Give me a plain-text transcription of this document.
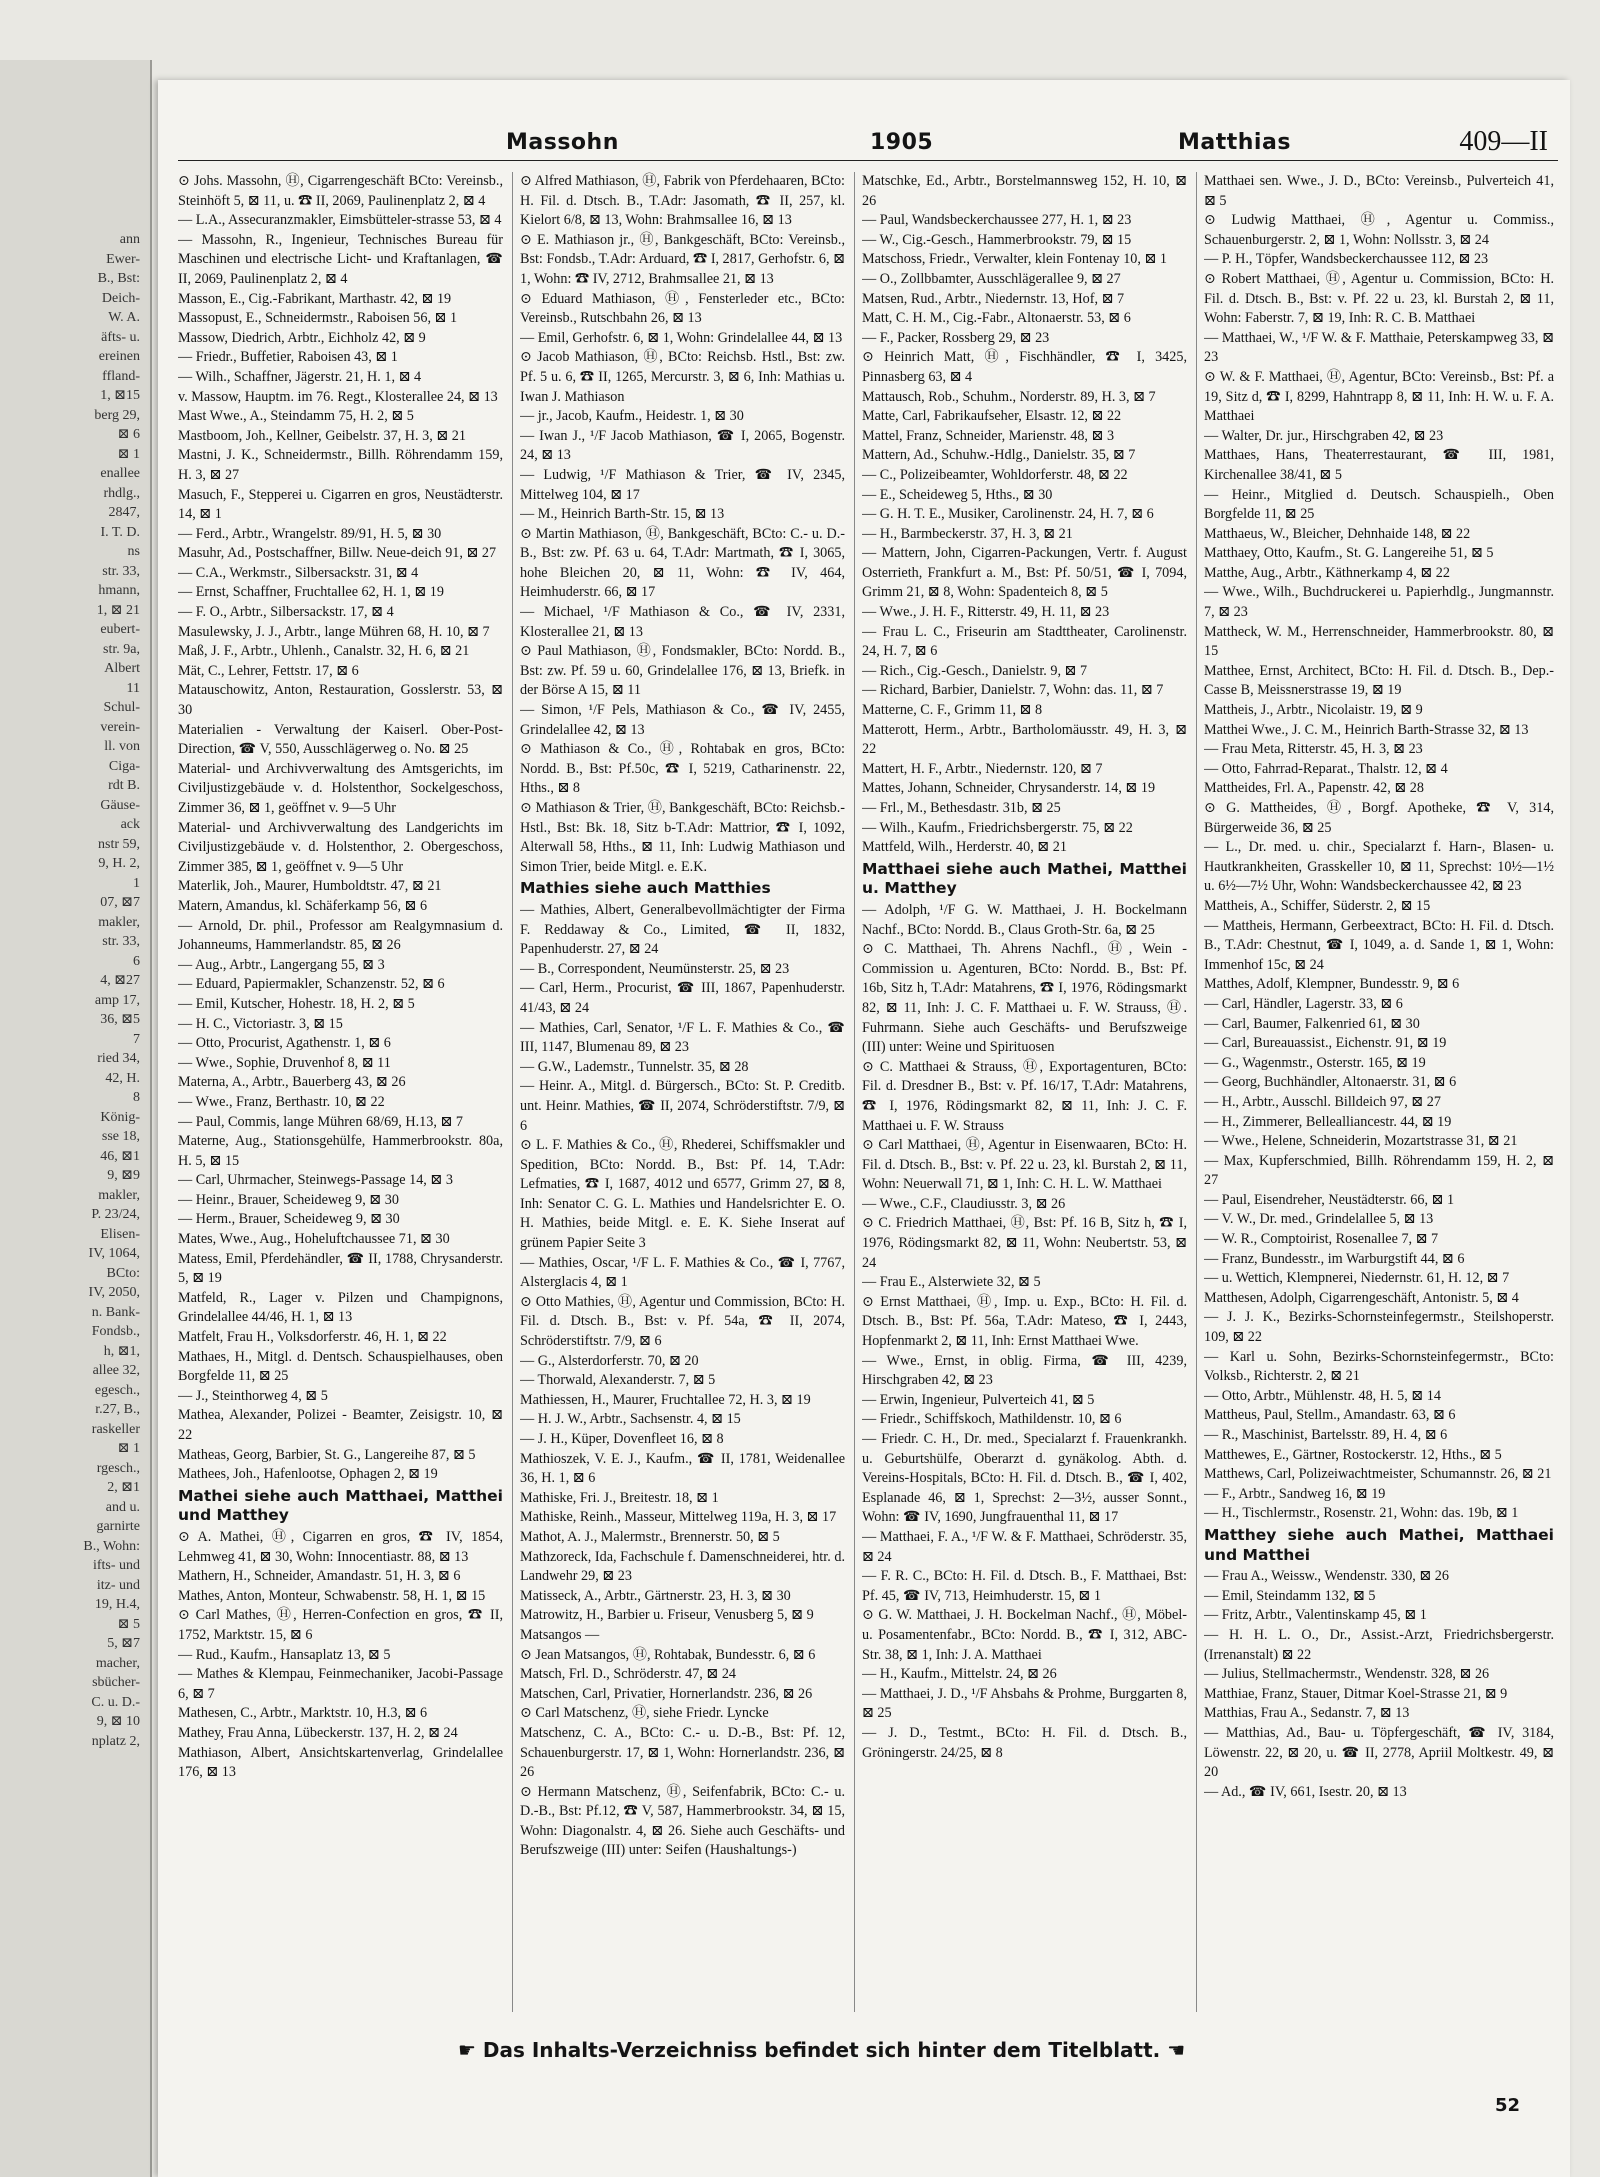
ann
Ewer-
B., Bst:
Deich-
W. A.
äfts- u.
ereinen
ffland-
1, ⊠15
berg 29,
⊠ 6
⊠ 1
enallee
rhdlg.,
2847,
I. T. D.
ns
str. 33,
hmann,
1, ⊠ 21
eubert-
str. 9a,
Albert
11
Schul-
verein-
ll. von
Ciga-
rdt B.
Gäuse-
ack
nstr 59,
9, H. 2,
1
07, ⊠7
makler,
str. 33,
6
4, ⊠27
amp 17,
36, ⊠5
7
ried 34,
42, H.
8
König-
sse 18,
46, ⊠1
9, ⊠9
makler,
P. 23/24,
Elisen-
IV, 1064,
BCto:
IV, 2050,
n. Bank-
Fondsb.,
h, ⊠1,
allee 32,
egesch.,
r.27, B.,
raskeller
⊠ 1
rgesch.,
2, ⊠1
and u.
garnirte
B., Wohn:
ifts- und
itz- und
19, H.4,
⊠ 5
5, ⊠7
macher,
sbücher-
C. u. D.-
9, ⊠ 10
nplatz 2,
Massohn	1905	Matthias	409—II

⊙ Johs. Massohn, Ⓗ, Cigarrengeschäft BCto: Vereinsb., Steinhöft 5, ⊠ 11, u. ☎ II, 2069, Paulinenplatz 2, ⊠ 4

— L.A., Assecuranzmakler, Eimsbütteler-strasse 53, ⊠ 4

— Massohn, R., Ingenieur, Technisches Bureau für Maschinen und electrische Licht- und Kraftanlagen, ☎ II, 2069, Paulinenplatz 2, ⊠ 4

Masson, E., Cig.-Fabrikant, Marthastr. 42, ⊠ 19

Massopust, E., Schneidermstr., Raboisen 56, ⊠ 1

Massow, Diedrich, Arbtr., Eichholz 42, ⊠ 9

— Friedr., Buffetier, Raboisen 43, ⊠ 1

— Wilh., Schaffner, Jägerstr. 21, H. 1, ⊠ 4

v. Massow, Hauptm. im 76. Regt., Klosterallee 24, ⊠ 13

Mast Wwe., A., Steindamm 75, H. 2, ⊠ 5

Mastboom, Joh., Kellner, Geibelstr. 37, H. 3, ⊠ 21

Mastni, J. K., Schneidermstr., Billh. Röhrendamm 159, H. 3, ⊠ 27

Masuch, F., Stepperei u. Cigarren en gros, Neustädterstr. 14, ⊠ 1

— Ferd., Arbtr., Wrangelstr. 89/91, H. 5, ⊠ 30

Masuhr, Ad., Postschaffner, Billw. Neue-deich 91, ⊠ 27

— C.A., Werkmstr., Silbersackstr. 31, ⊠ 4

— Ernst, Schaffner, Fruchtallee 62, H. 1, ⊠ 19

— F. O., Arbtr., Silbersackstr. 17, ⊠ 4

Masulewsky, J. J., Arbtr., lange Mühren 68, H. 10, ⊠ 7

Maß, J. F., Arbtr., Uhlenh., Canalstr. 32, H. 6, ⊠ 21

Mät, C., Lehrer, Fettstr. 17, ⊠ 6

Matauschowitz, Anton, Restauration, Gosslerstr. 53, ⊠ 30

Materialien - Verwaltung der Kaiserl. Ober-Post-Direction, ☎ V, 550, Ausschlägerweg o. No. ⊠ 25

Material- und Archivverwaltung des Amtsgerichts, im Civiljustizgebäude v. d. Holstenthor, Sockelgeschoss, Zimmer 36, ⊠ 1, geöffnet v. 9—5 Uhr

Material- und Archivverwaltung des Landgerichts im Civiljustizgebäude v. d. Holstenthor, 2. Obergeschoss, Zimmer 385, ⊠ 1, geöffnet v. 9—5 Uhr

Materlik, Joh., Maurer, Humboldtstr. 47, ⊠ 21

Matern, Amandus, kl. Schäferkamp 56, ⊠ 6

— Arnold, Dr. phil., Professor am Realgymnasium d. Johanneums, Hammerlandstr. 85, ⊠ 26

— Aug., Arbtr., Langergang 55, ⊠ 3

— Eduard, Papiermakler, Schanzenstr. 52, ⊠ 6

— Emil, Kutscher, Hohestr. 18, H. 2, ⊠ 5

— H. C., Victoriastr. 3, ⊠ 15

— Otto, Procurist, Agathenstr. 1, ⊠ 6

— Wwe., Sophie, Druvenhof 8, ⊠ 11

Materna, A., Arbtr., Bauerberg 43, ⊠ 26

— Wwe., Franz, Berthastr. 10, ⊠ 22

— Paul, Commis, lange Mühren 68/69, H.13, ⊠ 7

Materne, Aug., Stationsgehülfe, Hammerbrookstr. 80a, H. 5, ⊠ 15

— Carl, Uhrmacher, Steinwegs-Passage 14, ⊠ 3

— Heinr., Brauer, Scheideweg 9, ⊠ 30

— Herm., Brauer, Scheideweg 9, ⊠ 30

Mates, Wwe., Aug., Hoheluftchaussee 71, ⊠ 30

Matess, Emil, Pferdehändler, ☎ II, 1788, Chrysanderstr. 5, ⊠ 19

Matfeld, R., Lager v. Pilzen und Champignons, Grindelallee 44/46, H. 1, ⊠ 13

Matfelt, Frau H., Volksdorferstr. 46, H. 1, ⊠ 22

Mathaes, H., Mitgl. d. Dentsch. Schauspielhauses, oben Borgfelde 11, ⊠ 25

— J., Steinthorweg 4, ⊠ 5

Mathea, Alexander, Polizei - Beamter, Zeisigstr. 10, ⊠ 22

Matheas, Georg, Barbier, St. G., Langereihe 87, ⊠ 5

Mathees, Joh., Hafenlootse, Ophagen 2, ⊠ 19

Mathei siehe auch Matthaei, Matthei und Matthey

⊙ A. Mathei, Ⓗ, Cigarren en gros, ☎ IV, 1854, Lehmweg 41, ⊠ 30, Wohn: Innocentiastr. 88, ⊠ 13

Mathern, H., Schneider, Amandastr. 51, H. 3, ⊠ 6

Mathes, Anton, Monteur, Schwabenstr. 58, H. 1, ⊠ 15

⊙ Carl Mathes, Ⓗ, Herren-Confection en gros, ☎ II, 1752, Marktstr. 15, ⊠ 6

— Rud., Kaufm., Hansaplatz 13, ⊠ 5

— Mathes & Klempau, Feinmechaniker, Jacobi-Passage 6, ⊠ 7

Mathesen, C., Arbtr., Marktstr. 10, H.3, ⊠ 6

Mathey, Frau Anna, Lübeckerstr. 137, H. 2, ⊠ 24

Mathiason, Albert, Ansichtskartenverlag, Grindelallee 176, ⊠ 13

⊙ Alfred Mathiason, Ⓗ, Fabrik von Pferdehaaren, BCto: H. Fil. d. Dtsch. B., T.Adr: Jasomath, ☎ II, 257, kl. Kielort 6/8, ⊠ 13, Wohn: Brahmsallee 16, ⊠ 13

⊙ E. Mathiason jr., Ⓗ, Bankgeschäft, BCto: Vereinsb., Bst: Fondsb., T.Adr: Arduard, ☎ I, 2817, Gerhofstr. 6, ⊠ 1, Wohn: ☎ IV, 2712, Brahmsallee 21, ⊠ 13

⊙ Eduard Mathiason, Ⓗ, Fensterleder etc., BCto: Vereinsb., Rutschbahn 26, ⊠ 13

— Emil, Gerhofstr. 6, ⊠ 1, Wohn: Grindelallee 44, ⊠ 13

⊙ Jacob Mathiason, Ⓗ, BCto: Reichsb. Hstl., Bst: zw. Pf. 5 u. 6, ☎ II, 1265, Mercurstr. 3, ⊠ 6, Inh: Mathias u. Iwan J. Mathiason

— jr., Jacob, Kaufm., Heidestr. 1, ⊠ 30

— Iwan J., ¹/F Jacob Mathiason, ☎ I, 2065, Bogenstr. 24, ⊠ 13

— Ludwig, ¹/F Mathiason & Trier, ☎ IV, 2345, Mittelweg 104, ⊠ 17

— M., Heinrich Barth-Str. 15, ⊠ 13

⊙ Martin Mathiason, Ⓗ, Bankgeschäft, BCto: C.- u. D.-B., Bst: zw. Pf. 63 u. 64, T.Adr: Martmath, ☎ I, 3065, hohe Bleichen 20, ⊠ 11, Wohn: ☎ IV, 464, Heimhuderstr. 66, ⊠ 17

— Michael, ¹/F Mathiason & Co., ☎ IV, 2331, Klosterallee 21, ⊠ 13

⊙ Paul Mathiason, Ⓗ, Fondsmakler, BCto: Nordd. B., Bst: zw. Pf. 59 u. 60, Grindelallee 176, ⊠ 13, Briefk. in der Börse A 15, ⊠ 11

— Simon, ¹/F Pels, Mathiason & Co., ☎ IV, 2455, Grindelallee 42, ⊠ 13

⊙ Mathiason & Co., Ⓗ, Rohtabak en gros, BCto: Nordd. B., Bst: Pf.50c, ☎ I, 5219, Catharinenstr. 22, Hths., ⊠ 8

⊙ Mathiason & Trier, Ⓗ, Bankgeschäft, BCto: Reichsb.-Hstl., Bst: Bk. 18, Sitz b-T.Adr: Mattrior, ☎ I, 1092, Alterwall 58, Hths., ⊠ 11, Inh: Ludwig Mathiason und Simon Trier, beide Mitgl. e. E.K.

Mathies siehe auch Matthies

— Mathies, Albert, Generalbevollmächtigter der Firma F. Reddaway & Co., Limited, ☎ II, 1832, Papenhuderstr. 27, ⊠ 24

— B., Correspondent, Neumünsterstr. 25, ⊠ 23

— Carl, Herm., Procurist, ☎ III, 1867, Papenhuderstr. 41/43, ⊠ 24

— Mathies, Carl, Senator, ¹/F L. F. Mathies & Co., ☎ III, 1147, Blumenau 89, ⊠ 23

— G.W., Lademstr., Tunnelstr. 35, ⊠ 28

— Heinr. A., Mitgl. d. Bürgersch., BCto: St. P. Creditb. unt. Heinr. Mathies, ☎ II, 2074, Schröderstiftstr. 7/9, ⊠ 6

⊙ L. F. Mathies & Co., Ⓗ, Rhederei, Schiffsmakler und Spedition, BCto: Nordd. B., Bst: Pf. 14, T.Adr: Lefmaties, ☎ I, 1687, 4012 und 6577, Grimm 27, ⊠ 8, Inh: Senator C. G. L. Mathies und Handelsrichter E. O. H. Mathies, beide Mitgl. e. E. K. Siehe Inserat auf grünem Papier Seite 3

— Mathies, Oscar, ¹/F L. F. Mathies & Co., ☎ I, 7767, Alsterglacis 4, ⊠ 1

⊙ Otto Mathies, Ⓗ, Agentur und Commission, BCto: H. Fil. d. Dtsch. B., Bst: v. Pf. 54a, ☎ II, 2074, Schröderstiftstr. 7/9, ⊠ 6

— G., Alsterdorferstr. 70, ⊠ 20

— Thorwald, Alexanderstr. 7, ⊠ 5

Mathiessen, H., Maurer, Fruchtallee 72, H. 3, ⊠ 19

— H. J. W., Arbtr., Sachsenstr. 4, ⊠ 15

— J. H., Küper, Dovenfleet 16, ⊠ 8

Mathioszek, V. E. J., Kaufm., ☎ II, 1781, Weidenallee 36, H. 1, ⊠ 6

Mathiske, Fri. J., Breitestr. 18, ⊠ 1

Mathiske, Reinh., Masseur, Mittelweg 119a, H. 3, ⊠ 17

Mathot, A. J., Malermstr., Brennerstr. 50, ⊠ 5

Mathzoreck, Ida, Fachschule f. Damenschneiderei, htr. d. Landwehr 29, ⊠ 23

Matisseck, A., Arbtr., Gärtnerstr. 23, H. 3, ⊠ 30

Matrowitz, H., Barbier u. Friseur, Venusberg 5, ⊠ 9

Matsangos —

⊙ Jean Matsangos, Ⓗ, Rohtabak, Bundesstr. 6, ⊠ 6

Matsch, Frl. D., Schröderstr. 47, ⊠ 24

Matschen, Carl, Privatier, Hornerlandstr. 236, ⊠ 26

⊙ Carl Matschenz, Ⓗ, siehe Friedr. Lyncke

Matschenz, C. A., BCto: C.- u. D.-B., Bst: Pf. 12, Schauenburgerstr. 17, ⊠ 1, Wohn: Hornerlandstr. 236, ⊠ 26

⊙ Hermann Matschenz, Ⓗ, Seifenfabrik, BCto: C.- u. D.-B., Bst: Pf.12, ☎ V, 587, Hammerbrookstr. 34, ⊠ 15, Wohn: Diagonalstr. 4, ⊠ 26. Siehe auch Geschäfts- und Berufszweige (III) unter: Seifen (Haushaltungs-)

Matschke, Ed., Arbtr., Borstelmannsweg 152, H. 10, ⊠ 26

— Paul, Wandsbeckerchaussee 277, H. 1, ⊠ 23

— W., Cig.-Gesch., Hammerbrookstr. 79, ⊠ 15

Matschoss, Friedr., Verwalter, klein Fontenay 10, ⊠ 1

— O., Zollbbamter, Ausschlägerallee 9, ⊠ 27

Matsen, Rud., Arbtr., Niedernstr. 13, Hof, ⊠ 7

Matt, C. H. M., Cig.-Fabr., Altonaerstr. 53, ⊠ 6

— F., Packer, Rossberg 29, ⊠ 23

⊙ Heinrich Matt, Ⓗ, Fischhändler, ☎ I, 3425, Pinnasberg 63, ⊠ 4

Mattausch, Rob., Schuhm., Norderstr. 89, H. 3, ⊠ 7

Matte, Carl, Fabrikaufseher, Elsastr. 12, ⊠ 22

Mattel, Franz, Schneider, Marienstr. 48, ⊠ 3

Mattern, Ad., Schuhw.-Hdlg., Danielstr. 35, ⊠ 7

— C., Polizeibeamter, Wohldorferstr. 48, ⊠ 22

— E., Scheideweg 5, Hths., ⊠ 30

— G. H. T. E., Musiker, Carolinenstr. 24, H. 7, ⊠ 6

— H., Barmbeckerstr. 37, H. 3, ⊠ 21

— Mattern, John, Cigarren-Packungen, Vertr. f. August Osterrieth, Frankfurt a. M., Bst: Pf. 50/51, ☎ I, 7094, Grimm 21, ⊠ 8, Wohn: Spadenteich 8, ⊠ 5

— Wwe., J. H. F., Ritterstr. 49, H. 11, ⊠ 23

— Frau L. C., Friseurin am Stadttheater, Carolinenstr. 24, H. 7, ⊠ 6

— Rich., Cig.-Gesch., Danielstr. 9, ⊠ 7

— Richard, Barbier, Danielstr. 7, Wohn: das. 11, ⊠ 7

Matterne, C. F., Grimm 11, ⊠ 8

Matterott, Herm., Arbtr., Bartholomäusstr. 49, H. 3, ⊠ 22

Mattert, H. F., Arbtr., Niedernstr. 120, ⊠ 7

Mattes, Johann, Schneider, Chrysanderstr. 14, ⊠ 19

— Frl., M., Bethesdastr. 31b, ⊠ 25

— Wilh., Kaufm., Friedrichsbergerstr. 75, ⊠ 22

Mattfeld, Wilh., Herderstr. 40, ⊠ 21

Matthaei siehe auch Mathei, Matthei u. Matthey

— Adolph, ¹/F G. W. Matthaei, J. H. Bockelmann Nachf., BCto: Nordd. B., Claus Groth-Str. 6a, ⊠ 25

⊙ C. Matthaei, Th. Ahrens Nachfl., Ⓗ, Wein - Commission u. Agenturen, BCto: Nordd. B., Bst: Pf. 16b, Sitz h, T.Adr: Matahrens, ☎ I, 1976, Rödingsmarkt 82, ⊠ 11, Inh: J. C. F. Matthaei u. F. W. Strauss, Ⓗ. Fuhrmann. Siehe auch Geschäfts- und Berufszweige (III) unter: Weine und Spirituosen

⊙ C. Matthaei & Strauss, Ⓗ, Exportagenturen, BCto: Fil. d. Dresdner B., Bst: v. Pf. 16/17, T.Adr: Matahrens, ☎ I, 1976, Rödingsmarkt 82, ⊠ 11, Inh: J. C. F. Matthaei u. F. W. Strauss

⊙ Carl Matthaei, Ⓗ, Agentur in Eisenwaaren, BCto: H. Fil. d. Dtsch. B., Bst: v. Pf. 22 u. 23, kl. Burstah 2, ⊠ 11, Wohn: Neuerwall 71, ⊠ 1, Inh: C. H. L. W. Matthaei

— Wwe., C.F., Claudiusstr. 3, ⊠ 26

⊙ C. Friedrich Matthaei, Ⓗ, Bst: Pf. 16 B, Sitz h, ☎ I, 1976, Rödingsmarkt 82, ⊠ 11, Wohn: Neubertstr. 53, ⊠ 24

— Frau E., Alsterwiete 32, ⊠ 5

⊙ Ernst Matthaei, Ⓗ, Imp. u. Exp., BCto: H. Fil. d. Dtsch. B., Bst: Pf. 56a, T.Adr: Mateso, ☎ I, 2443, Hopfenmarkt 2, ⊠ 11, Inh: Ernst Matthaei Wwe.

— Wwe., Ernst, in oblig. Firma, ☎ III, 4239, Hirschgraben 42, ⊠ 23

— Erwin, Ingenieur, Pulverteich 41, ⊠ 5

— Friedr., Schiffskoch, Mathildenstr. 10, ⊠ 6

— Friedr. C. H., Dr. med., Specialarzt f. Frauenkrankh. u. Geburtshülfe, Oberarzt d. gynäkolog. Abth. d. Vereins-Hospitals, BCto: H. Fil. d. Dtsch. B., ☎ I, 402, Esplanade 46, ⊠ 1, Sprechst: 2—3½, ausser Sonnt., Wohn: ☎ IV, 1690, Jungfrauenthal 11, ⊠ 17

— Matthaei, F. A., ¹/F W. & F. Matthaei, Schröderstr. 35, ⊠ 24

— F. R. C., BCto: H. Fil. d. Dtsch. B., F. Matthaei, Bst: Pf. 45, ☎ IV, 713, Heimhuderstr. 15, ⊠ 1

⊙ G. W. Matthaei, J. H. Bockelman Nachf., Ⓗ, Möbel- u. Posamentenfabr., BCto: Nordd. B., ☎ I, 312, ABC-Str. 38, ⊠ 1, Inh: J. A. Matthaei

— H., Kaufm., Mittelstr. 24, ⊠ 26

— Matthaei, J. D., ¹/F Ahsbahs & Prohme, Burggarten 8, ⊠ 25

— J. D., Testmt., BCto: H. Fil. d. Dtsch. B., Gröningerstr. 24/25, ⊠ 8

Matthaei sen. Wwe., J. D., BCto: Vereinsb., Pulverteich 41, ⊠ 5

⊙ Ludwig Matthaei, Ⓗ, Agentur u. Commiss., Schauenburgerstr. 2, ⊠ 1, Wohn: Nollsstr. 3, ⊠ 24

— P. H., Töpfer, Wandsbeckerchaussee 112, ⊠ 23

⊙ Robert Matthaei, Ⓗ, Agentur u. Commission, BCto: H. Fil. d. Dtsch. B., Bst: v. Pf. 22 u. 23, kl. Burstah 2, ⊠ 11, Wohn: Faberstr. 7, ⊠ 19, Inh: R. C. B. Matthaei

— Matthaei, W., ¹/F W. & F. Matthaie, Peterskampweg 33, ⊠ 23

⊙ W. & F. Matthaei, Ⓗ, Agentur, BCto: Vereinsb., Bst: Pf. a 19, Sitz d, ☎ I, 8299, Hahntrapp 8, ⊠ 11, Inh: H. W. u. F. A. Matthaei

— Walter, Dr. jur., Hirschgraben 42, ⊠ 23

Matthaes, Hans, Theaterrestaurant, ☎ III, 1981, Kirchenallee 38/41, ⊠ 5

— Heinr., Mitglied d. Deutsch. Schauspielh., Oben Borgfelde 11, ⊠ 25

Matthaeus, W., Bleicher, Dehnhaide 148, ⊠ 22

Matthaey, Otto, Kaufm., St. G. Langereihe 51, ⊠ 5

Matthe, Aug., Arbtr., Käthnerkamp 4, ⊠ 22

— Wwe., Wilh., Buchdruckerei u. Papierhdlg., Jungmannstr. 7, ⊠ 23

Mattheck, W. M., Herrenschneider, Hammerbrookstr. 80, ⊠ 15

Matthee, Ernst, Architect, BCto: H. Fil. d. Dtsch. B., Dep.-Casse B, Meissnerstrasse 19, ⊠ 19

Mattheis, J., Arbtr., Nicolaistr. 19, ⊠ 9

Matthei Wwe., J. C. M., Heinrich Barth-Strasse 32, ⊠ 13

— Frau Meta, Ritterstr. 45, H. 3, ⊠ 23

— Otto, Fahrrad-Reparat., Thalstr. 12, ⊠ 4

Mattheides, Frl. A., Papenstr. 42, ⊠ 28

⊙ G. Mattheides, Ⓗ, Borgf. Apotheke, ☎ V, 314, Bürgerweide 36, ⊠ 25

— L., Dr. med. u. chir., Specialarzt f. Harn-, Blasen- u. Hautkrankheiten, Grasskeller 10, ⊠ 11, Sprechst: 10½—1½ u. 6½—7½ Uhr, Wohn: Wandsbeckerchaussee 42, ⊠ 23

Mattheis, A., Schiffer, Süderstr. 2, ⊠ 15

— Mattheis, Hermann, Gerbeextract, BCto: H. Fil. d. Dtsch. B., T.Adr: Chestnut, ☎ I, 1049, a. d. Sande 1, ⊠ 1, Wohn: Immenhof 15c, ⊠ 24

Matthes, Adolf, Klempner, Bundesstr. 9, ⊠ 6

— Carl, Händler, Lagerstr. 33, ⊠ 6

— Carl, Baumer, Falkenried 61, ⊠ 30

— Carl, Bureauassist., Eichenstr. 91, ⊠ 19

— G., Wagenmstr., Osterstr. 165, ⊠ 19

— Georg, Buchhändler, Altonaerstr. 31, ⊠ 6

— H., Arbtr., Ausschl. Billdeich 97, ⊠ 27

— H., Zimmerer, Bellealliancestr. 44, ⊠ 19

— Wwe., Helene, Schneiderin, Mozartstrasse 31, ⊠ 21

— Max, Kupferschmied, Billh. Röhrendamm 159, H. 2, ⊠ 27

— Paul, Eisendreher, Neustädterstr. 66, ⊠ 1

— V. W., Dr. med., Grindelallee 5, ⊠ 13

— W. R., Comptoirist, Rosenallee 7, ⊠ 7

— Franz, Bundesstr., im Warburgstift 44, ⊠ 6

— u. Wettich, Klempnerei, Niedernstr. 61, H. 12, ⊠ 7

Matthesen, Adolph, Cigarrengeschäft, Antonistr. 5, ⊠ 4

— J. J. K., Bezirks-Schornsteinfegermstr., Steilshoperstr. 109, ⊠ 22

— Karl u. Sohn, Bezirks-Schornsteinfegermstr., BCto: Volksb., Richterstr. 2, ⊠ 21

— Otto, Arbtr., Mühlenstr. 48, H. 5, ⊠ 14

Mattheus, Paul, Stellm., Amandastr. 63, ⊠ 6

— R., Maschinist, Bartelsstr. 89, H. 4, ⊠ 6

Matthewes, E., Gärtner, Rostockerstr. 12, Hths., ⊠ 5

Matthews, Carl, Polizeiwachtmeister, Schumannstr. 26, ⊠ 21

— F., Arbtr., Sandweg 16, ⊠ 19

— H., Tischlermstr., Rosenstr. 21, Wohn: das. 19b, ⊠ 1

Matthey siehe auch Mathei, Matthaei und Matthei

— Frau A., Weissw., Wendenstr. 330, ⊠ 26

— Emil, Steindamm 132, ⊠ 5

— Fritz, Arbtr., Valentinskamp 45, ⊠ 1

— H. H. L. O., Dr., Assist.-Arzt, Friedrichsbergerstr. (Irrenanstalt) ⊠ 22

— Julius, Stellmachermstr., Wendenstr. 328, ⊠ 26

Matthiae, Franz, Stauer, Ditmar Koel-Strasse 21, ⊠ 9

Matthias, Frau A., Sedanstr. 7, ⊠ 13

— Matthias, Ad., Bau- u. Töpfergeschäft, ☎ IV, 3184, Löwenstr. 22, ⊠ 20, u. ☎ II, 2778, Apriil Moltkestr. 49, ⊠ 20

— Ad., ☎ IV, 661, Isestr. 20, ⊠ 13

☛ Das Inhalts-Verzeichniss befindet sich hinter dem Titelblatt. ☚
52
